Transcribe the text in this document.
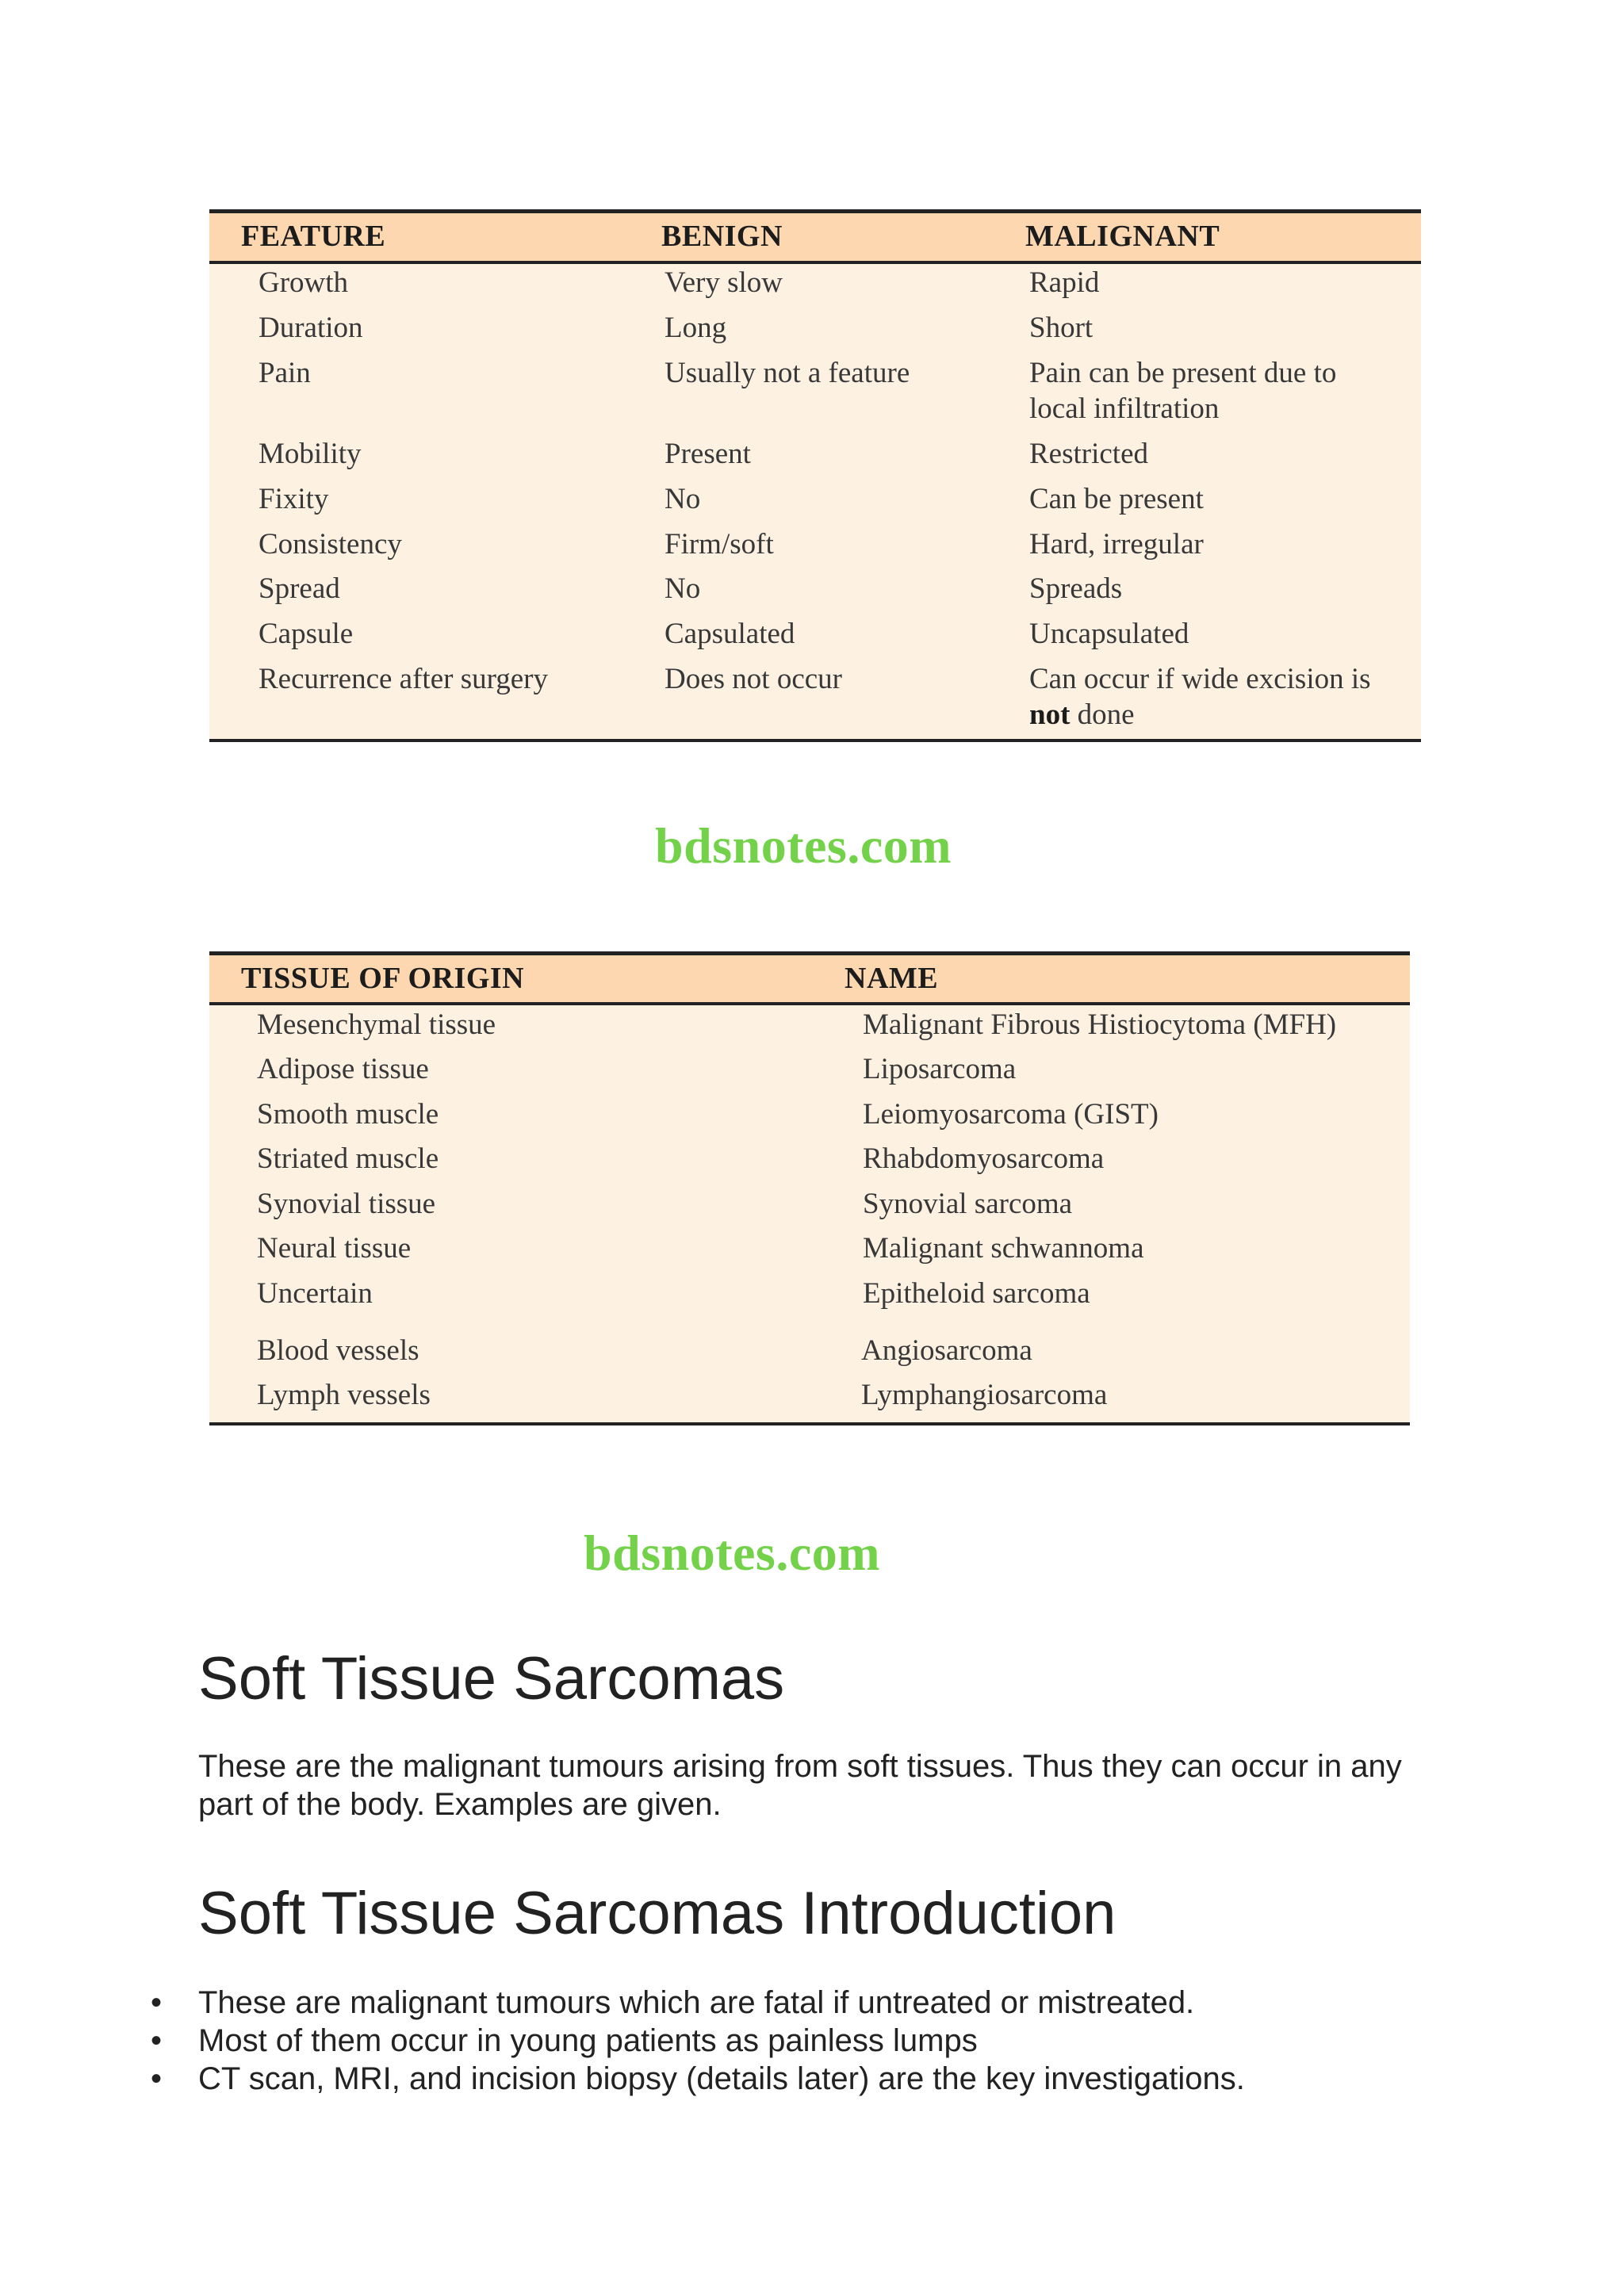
FEATURE	BENIGN	MALIGNANT
Growth	Very slow	Rapid
Duration	Long	Short
Pain	Usually not a feature	Pain can be present due to
local infiltration
Mobility	Present	Restricted
Fixity	No	Can be present
Consistency	Firm/soft	Hard, irregular
Spread	No	Spreads
Capsule	Capsulated	Uncapsulated
Recurrence after surgery	Does not occur	Can occur if wide excision is
not done
bdsnotes.com
TISSUE OF ORIGIN	NAME
Mesenchymal tissue	Malignant Fibrous Histiocytoma (MFH)
Adipose tissue	Liposarcoma
Smooth muscle	Leiomyosarcoma (GIST)
Striated muscle	Rhabdomyosarcoma
Synovial tissue	Synovial sarcoma
Neural tissue	Malignant schwannoma
Uncertain	Epitheloid sarcoma
Blood vessels	Angiosarcoma
Lymph vessels	Lymphangiosarcoma
bdsnotes.com
Soft Tissue Sarcomas

These are the malignant tumours arising from soft tissues. Thus they can occur in any part of the body. Examples are given.

Soft Tissue Sarcomas Introduction
• These are malignant tumours which are fatal if untreated or mistreated.
• Most of them occur in young patients as painless lumps
• CT scan, MRI, and incision biopsy (details later) are the key investigations.
